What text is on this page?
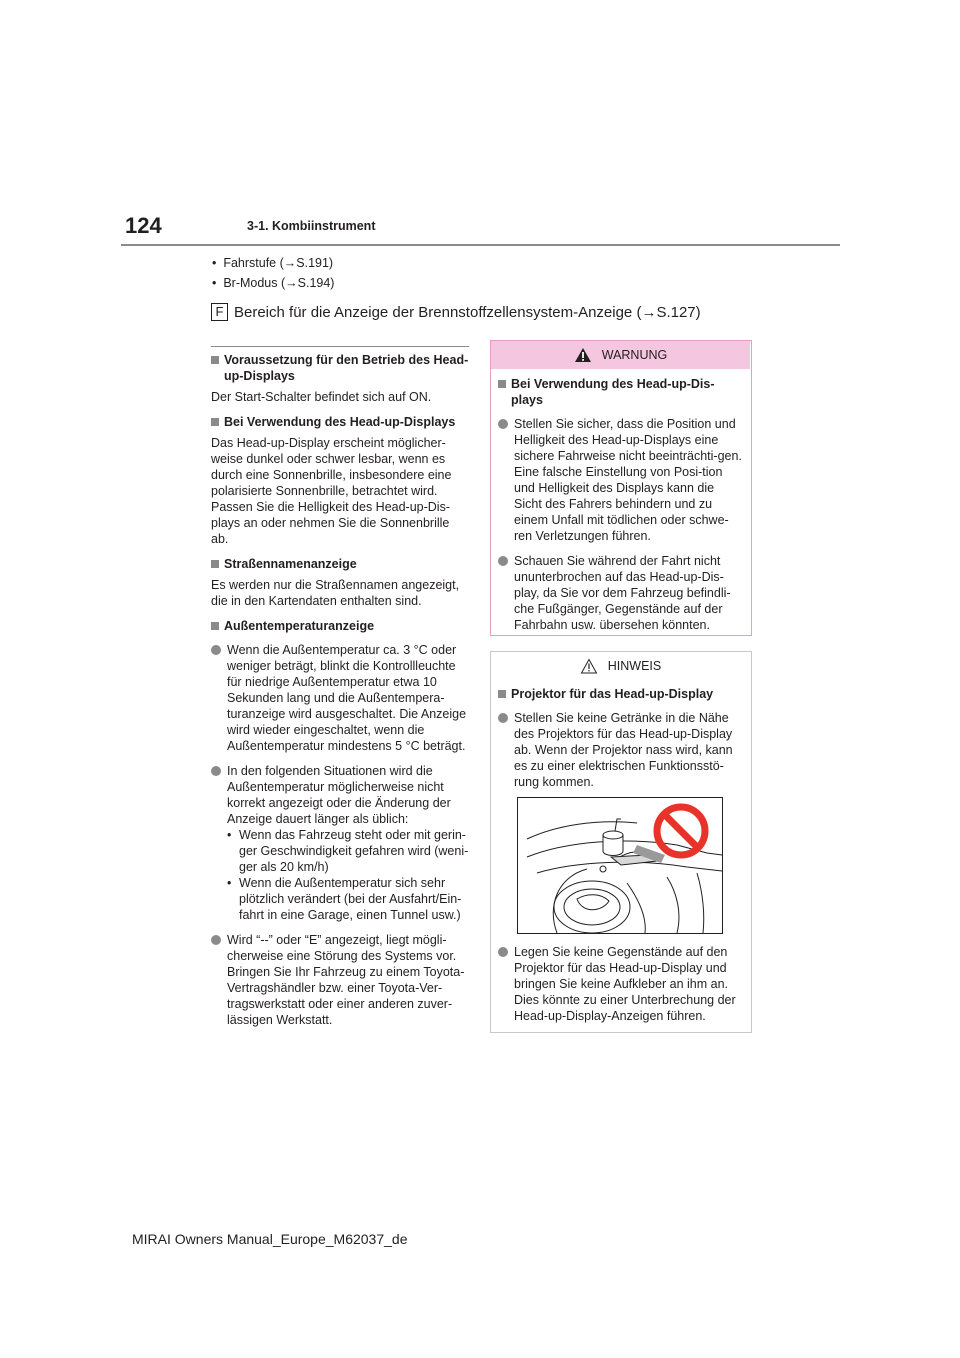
124	3-1. Kombiinstrument
•  Fahrstufe (→S.191)
•  Br-Modus (→S.194)
F Bereich für die Anzeige der Brennstoffzellensystem-Anzeige (→S.127)
Voraussetzung für den Betrieb des Head-up-Displays

Der Start-Schalter befindet sich auf ON.

Bei Verwendung des Head-up-Displays

Das Head-up-Display erscheint möglicher-weise dunkel oder schwer lesbar, wenn es durch eine Sonnenbrille, insbesondere eine polarisierte Sonnenbrille, betrachtet wird. Passen Sie die Helligkeit des Head-up-Dis-plays an oder nehmen Sie die Sonnenbrille ab.

Straßennamenanzeige

Es werden nur die Straßennamen angezeigt, die in den Kartendaten enthalten sind.

Außentemperaturanzeige
Wenn die Außentemperatur ca. 3 °C oder weniger beträgt, blinkt die Kontrollleuchte für niedrige Außentemperatur etwa 10 Sekunden lang und die Außentempera-turanzeige wird ausgeschaltet. Die Anzeige wird wieder eingeschaltet, wenn die Außentemperatur mindestens 5 °C beträgt.
In den folgenden Situationen wird die Außentemperatur möglicherweise nicht korrekt angezeigt oder die Änderung der Anzeige dauert länger als üblich:
• Wenn das Fahrzeug steht oder mit gerin-ger Geschwindigkeit gefahren wird (weni-ger als 20 km/h)
• Wenn die Außentemperatur sich sehr plötzlich verändert (bei der Ausfahrt/Ein-fahrt in eine Garage, einen Tunnel usw.)
Wird “--” oder “E” angezeigt, liegt mögli-cherweise eine Störung des Systems vor. Bringen Sie Ihr Fahrzeug zu einem Toyota-Vertragshändler bzw. einer Toyota-Ver-tragswerkstatt oder einer anderen zuver-lässigen Werkstatt.
WARNUNG
Bei Verwendung des Head-up-Dis-plays
Stellen Sie sicher, dass die Position und Helligkeit des Head-up-Displays eine sichere Fahrweise nicht beeinträchti-gen. Eine falsche Einstellung von Posi-tion und Helligkeit des Displays kann die Sicht des Fahrers behindern und zu einem Unfall mit tödlichen oder schwe-ren Verletzungen führen.
Schauen Sie während der Fahrt nicht ununterbrochen auf das Head-up-Dis-play, da Sie vor dem Fahrzeug befindli-che Fußgänger, Gegenstände auf der Fahrbahn usw. übersehen könnten.
HINWEIS
Projektor für das Head-up-Display
Stellen Sie keine Getränke in die Nähe des Projektors für das Head-up-Display ab. Wenn der Projektor nass wird, kann es zu einer elektrischen Funktionsstö-rung kommen.
Legen Sie keine Gegenstände auf den Projektor für das Head-up-Display und bringen Sie keine Aufkleber an ihm an. Dies könnte zu einer Unterbrechung der Head-up-Display-Anzeigen führen.
MIRAI Owners Manual_Europe_M62037_de
